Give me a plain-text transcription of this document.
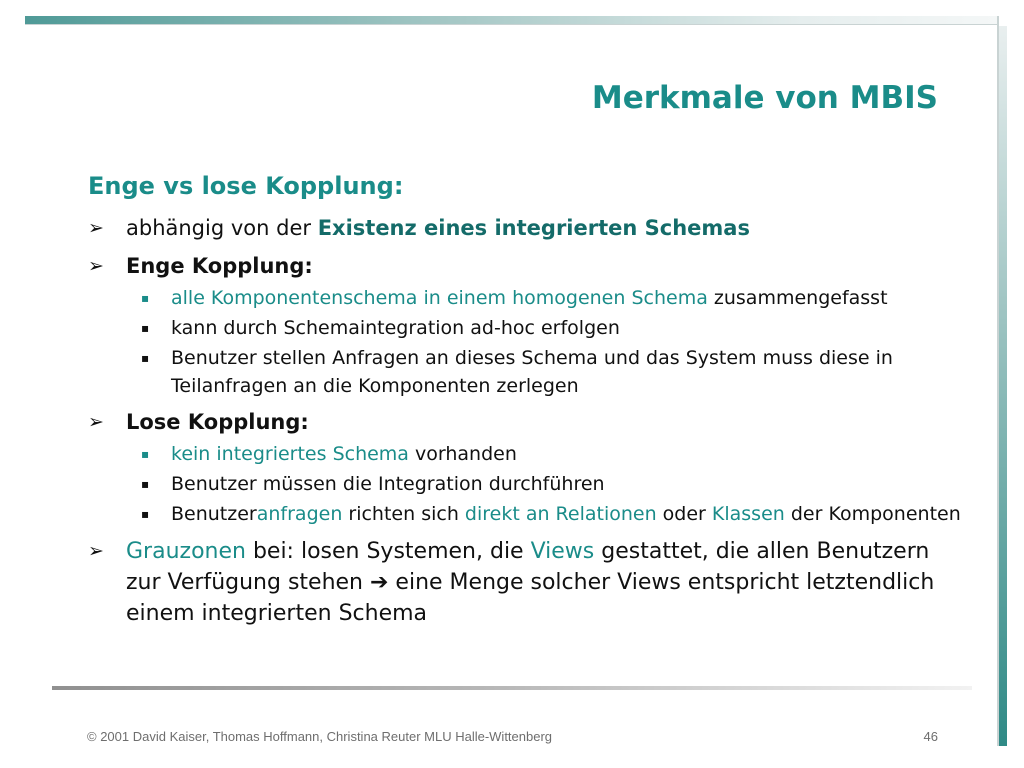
Merkmale von MBIS
Enge vs lose Kopplung:
➢ abhängig von der Existenz eines integrierten Schemas
➢ Enge Kopplung:
▪ alle Komponentenschema in einem homogenen Schema zusammengefasst
▪ kann durch Schemaintegration ad-hoc erfolgen
▪ Benutzer stellen Anfragen an dieses Schema und das System muss diese in Teilanfragen an die Komponenten zerlegen
➢ Lose Kopplung:
▪ kein integriertes Schema vorhanden
▪ Benutzer müssen die Integration durchführen
▪ Benutzeranfragen richten sich direkt an Relationen oder Klassen der Komponenten
➢ Grauzonen bei: losen Systemen, die Views gestattet, die allen Benutzern zur Verfügung stehen ➔ eine Menge solcher Views entspricht letztendlich einem integrierten Schema

© 2001 David Kaiser, Thomas Hoffmann, Christina Reuter MLU Halle-Wittenberg	46
